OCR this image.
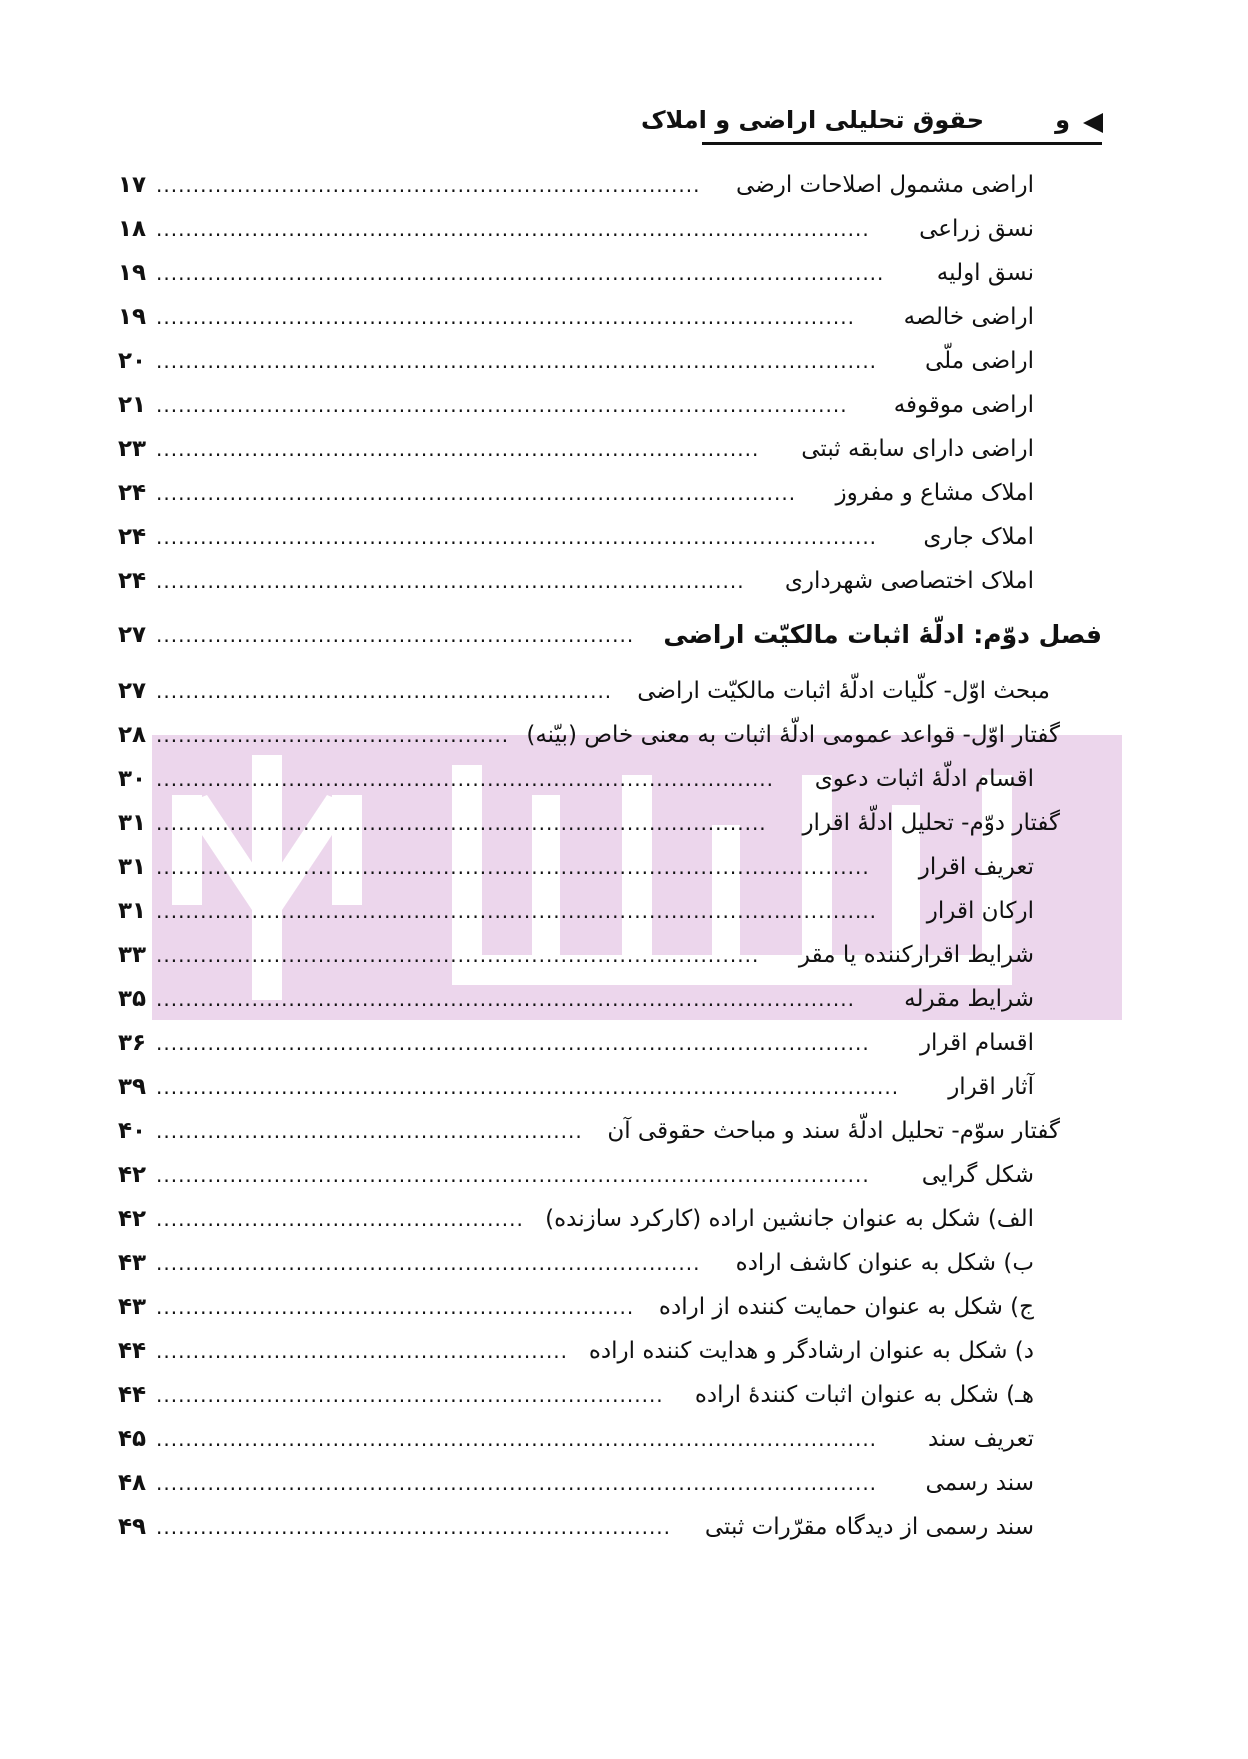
و
حقوق تحلیلی اراضی و املاک
۱۷ ..........................................................................	اراضی مشمول اصلاحات ارضی
۱۸ .................................................................................................	نسق زراعی
۱۹ ...................................................................................................	نسق اولیه
۱۹ ...............................................................................................	اراضی خالصه
۲۰ ..................................................................................................	اراضی ملّی
۲۱ ..............................................................................................	اراضی موقوفه
۲۳ ..................................................................................	اراضی دارای سابقه ثبتی
۲۴ .......................................................................................	املاک مشاع و مفروز
۲۴ ..................................................................................................	املاک جاری
۲۴ ................................................................................	املاک اختصاصی شهرداری
۲۷ .................................................................	فصل دوّم: ادلّهٔ اثبات مالکیّت اراضی
۲۷ ..............................................................	مبحث اوّل- کلّیات ادلّهٔ اثبات مالکیّت اراضی
۲۸ ................................................ گفتار اوّل- قواعد عمومی ادلّهٔ اثبات به معنی خاص (بیّنه)
۳۰ ....................................................................................	اقسام ادلّهٔ اثبات دعوی
۳۱ ...................................................................................	گفتار دوّم- تحلیل ادلّهٔ اقرار
۳۱ .................................................................................................	تعریف اقرار
۳۱ ..................................................................................................	ارکان اقرار
۳۳ ..................................................................................	شرایط اقرارکننده یا مقر
۳۵ ...............................................................................................	شرایط مقرله
۳۶ .................................................................................................	اقسام اقرار
۳۹ .....................................................................................................	آثار اقرار
۴۰ ..........................................................	گفتار سوّم- تحلیل ادلّهٔ سند و مباحث حقوقی آن
۴۲ .................................................................................................	شکل گرایی
۴۲ .................................................. الف) شکل به عنوان جانشین اراده (کارکرد سازنده)
۴۳ ..........................................................................	ب) شکل به عنوان کاشف اراده
۴۳ .................................................................	ج) شکل به عنوان حمایت کننده از اراده
۴۴ ........................................................ د) شکل به عنوان ارشادگر و هدایت کننده اراده
۴۴ .....................................................................	هـ) شکل به عنوان اثبات کنندهٔ اراده
۴۵ ..................................................................................................	تعریف سند
۴۸ ..................................................................................................	سند رسمی
۴۹ ......................................................................	سند رسمی از دیدگاه مقرّرات ثبتی
